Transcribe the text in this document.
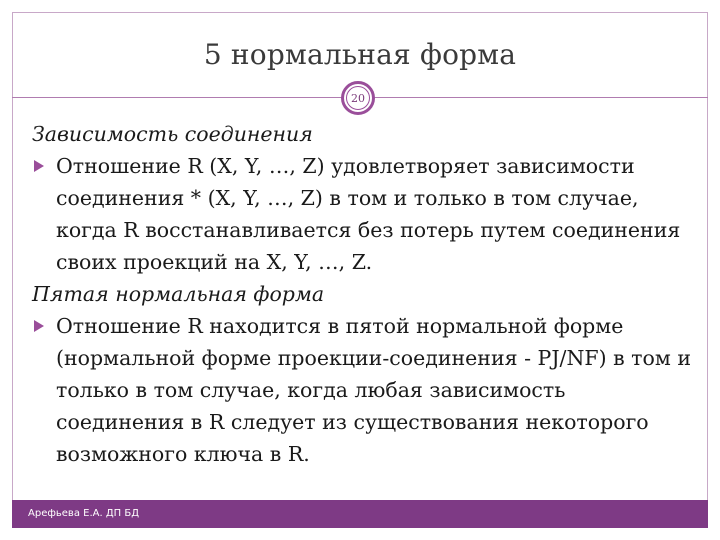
5 нормальная форма
20

Зависимость соединения

Отношение R (X, Y, …, Z) удовлетворяет зависимости соединения * (X, Y, …, Z) в том и только в том случае, когда R восстанавливается без потерь путем соединения своих проекций на X, Y, …, Z.

Пятая нормальная форма

Отношение R находится в пятой нормальной форме (нормальной форме проекции-соединения - PJ/NF) в том и только в том случае, когда любая зависимость соединения в R следует из существования некоторого возможного ключа в R.

Арефьева Е.А. ДП БД
